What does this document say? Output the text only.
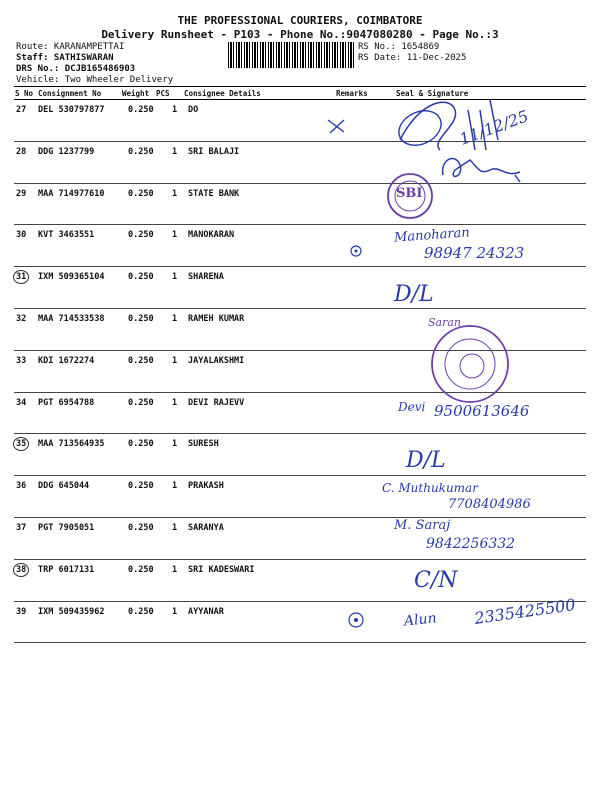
THE PROFESSIONAL COURIERS, COIMBATORE
Delivery Runsheet - P103 - Phone No.:9047080280 - Page No.:3
Route: KARANAMPETTAI
Staff: SATHISWARAN
DRS No.: DCJB165486903
Vehicle: Two Wheeler Delivery
RS No.: 1654869
RS Date: 11-Dec-2025
S No Consignment No	Weight PCS Consignee Details	Remarks	Seal & Signature
27 DEL 530797877	0.250 1 DO
28 DDG 1237799	0.250 1 SRI BALAJI
29 MAA 714977610	0.250 1 STATE BANK
30 KVT 3463551	0.250 1 MANOKARAN
31	IXM 509365104	0.250 1 SHARENA
32 MAA 714533538	0.250 1 RAMEH KUMAR
33 KDI 1672274	0.250 1 JAYALAKSHMI
34 PGT 6954788	0.250 1 DEVI RAJEVV
35	MAA 713564935	0.250 1 SURESH
36 DDG 645044	0.250 1 PRAKASH
37 PGT 7905051	0.250 1 SARANYA
38	TRP 6017131	0.250 1 SRI KADESWARI
39 IXM 509435962	0.250 1 AYYANAR
11/12/25
SBI
Manoharan
98947 24323
D/L
Saran
Devi 9500613646
D/L
C. Muthukumar
7708404986
M. Saraj
9842256332
C/N
Alun 2335425500
